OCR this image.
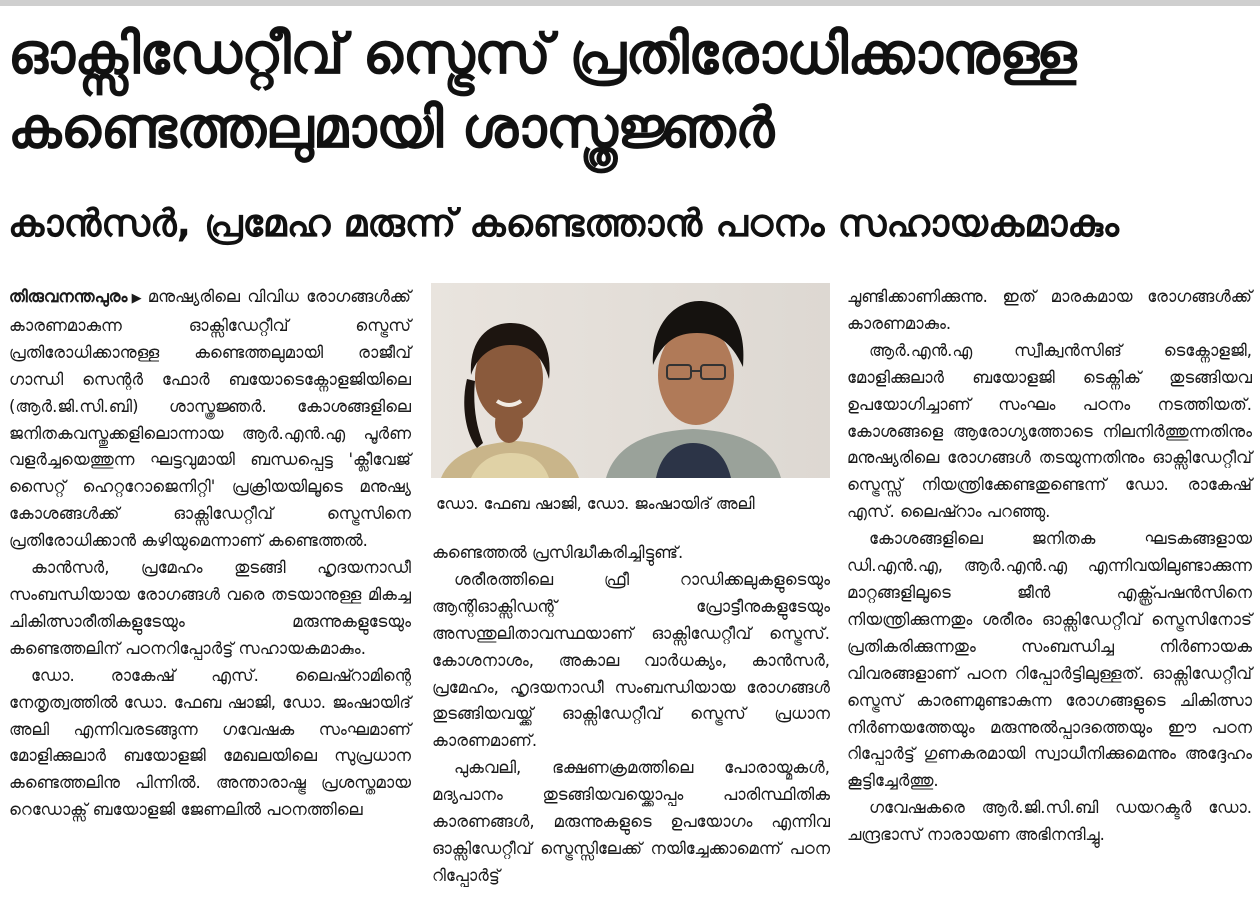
ഓക്സിഡേറ്റീവ് സ്ട്രെസ് പ്രതിരോധിക്കാനുള്ള
കണ്ടെത്തലുമായി ശാസ്ത്രജ്ഞർ
കാൻസർ, പ്രമേഹ മരുന്ന് കണ്ടെത്താൻ പഠനം സഹായകമാകും

തിരുവനന്തപുരം ▶ മനുഷ്യരിലെ വിവിധ രോഗങ്ങൾക്ക് കാരണമാകുന്ന ഓക്സിഡേറ്റീവ് സ്ട്രെസ് പ്രതിരോധിക്കാനുള്ള കണ്ടെത്തലുമായി രാജീവ് ഗാന്ധി സെന്റർ ഫോർ ബയോടെക്നോളജിയിലെ (ആർ.ജി.സി.ബി) ശാസ്ത്രജ്ഞർ. കോശങ്ങളിലെ ജനിതകവസ്തുക്കളിലൊന്നായ ആർ.എൻ.എ പൂർണ വളർച്ചയെത്തുന്ന ഘട്ടവുമായി ബന്ധപ്പെട്ട 'ക്ലീവേജ് സൈറ്റ് ഹെറ്ററോജെനിറ്റി' പ്രക്രിയയിലൂടെ മനുഷ്യ കോശങ്ങൾക്ക് ഓക്സിഡേറ്റീവ് സ്ട്രെസിനെ പ്രതിരോധിക്കാൻ കഴിയുമെന്നാണ് കണ്ടെത്തൽ.

കാൻസർ, പ്രമേഹം തുടങ്ങി ഹൃദയനാഡീ സംബന്ധിയായ രോഗങ്ങൾ വരെ തടയാനുള്ള മികച്ച ചികിത്സാരീതികളുടേയും മരുന്നുകളുടേയും കണ്ടെത്തലിന് പഠനറിപ്പോർട്ട് സഹായകമാകും.

ഡോ. രാകേഷ് എസ്. ലൈഷ്റാമിന്റെ നേതൃത്വത്തിൽ ഡോ. ഫേബ ഷാജി, ഡോ. ജംഷായിദ് അലി എന്നിവരടങ്ങുന്ന ഗവേഷക സംഘമാണ് മോളിക്കുലാർ ബയോളജി മേഖലയിലെ സുപ്രധാന കണ്ടെത്തലിനു പിന്നിൽ. അന്താരാഷ്ട്ര പ്രശസ്തമായ റെഡോക്സ് ബയോളജി ജേണലിൽ പഠനത്തിലെ

ഡോ. ഫേബ ഷാജി, ഡോ. ജംഷായിദ് അലി

കണ്ടെത്തൽ പ്രസിദ്ധീകരിച്ചിട്ടുണ്ട്.

ശരീരത്തിലെ ഫ്രീ റാഡിക്കലുകളുടെയും ആന്റിഓക്സിഡന്റ് പ്രോട്ടീനുകളുടേയും അസന്തുലിതാവസ്ഥയാണ് ഓക്സിഡേറ്റീവ് സ്ട്രെസ്. കോശനാശം, അകാല വാർധക്യം, കാൻസർ, പ്രമേഹം, ഹൃദയനാഡീ സംബന്ധിയായ രോഗങ്ങൾ തുടങ്ങിയവയ്ക്ക് ഓക്സിഡേറ്റീവ് സ്ട്രെസ് പ്രധാന കാരണമാണ്.

പുകവലി, ഭക്ഷണക്രമത്തിലെ പോരായ്മകൾ, മദ്യപാനം തുടങ്ങിയവയ്ക്കൊപ്പം പാരിസ്ഥിതിക കാരണങ്ങൾ, മരുന്നുകളുടെ ഉപയോഗം എന്നിവ ഓക്സിഡേറ്റീവ് സ്ട്രെസ്സിലേക്ക് നയിച്ചേക്കാമെന്ന് പഠന റിപ്പോർട്ട്

ചൂണ്ടിക്കാണിക്കുന്നു. ഇത് മാരകമായ രോഗങ്ങൾക്ക് കാരണമാകും.

ആർ.എൻ.എ സ്വീക്വൻസിങ് ടെക്നോളജി, മോളിക്കുലാർ ബയോളജി ടെക്നിക് തുടങ്ങിയവ ഉപയോഗിച്ചാണ് സംഘം പഠനം നടത്തിയത്. കോശങ്ങളെ ആരോഗ്യത്തോടെ നിലനിർത്തുന്നതിനും മനുഷ്യരിലെ രോഗങ്ങൾ തടയുന്നതിനും ഓക്സിഡേറ്റീവ് സ്ട്രെസ്സ് നിയന്ത്രിക്കേണ്ടതുണ്ടെന്ന് ഡോ. രാകേഷ് എസ്. ലൈഷ്റാം പറഞ്ഞു.

കോശങ്ങളിലെ ജനിതക ഘടകങ്ങളായ ഡി.എൻ.എ, ആർ.എൻ.എ എന്നിവയിലുണ്ടാക്കുന്ന മാറ്റങ്ങളിലൂടെ ജീൻ എക്സ്പ്രഷൻസിനെ നിയന്ത്രിക്കുന്നതും ശരീരം ഓക്സിഡേറ്റീവ് സ്ട്രെസിനോട് പ്രതികരിക്കുന്നതും സംബന്ധിച്ച നിർണായക വിവരങ്ങളാണ് പഠന റിപ്പോർട്ടിലുള്ളത്. ഓക്സിഡേറ്റീവ് സ്ട്രെസ് കാരണമുണ്ടാകുന്ന രോഗങ്ങളുടെ ചികിത്സാ നിർണയത്തേയും മരുന്നുൽപ്പാദത്തെയും ഈ പഠന റിപ്പോർട്ട് ഗുണകരമായി സ്വാധീനിക്കുമെന്നും അദ്ദേഹം കൂട്ടിച്ചേർത്തു.

ഗവേഷകരെ ആർ.ജി.സി.ബി ഡയറക്ടർ ഡോ. ചന്ദ്രഭാസ് നാരായണ അഭിനന്ദിച്ചു.
